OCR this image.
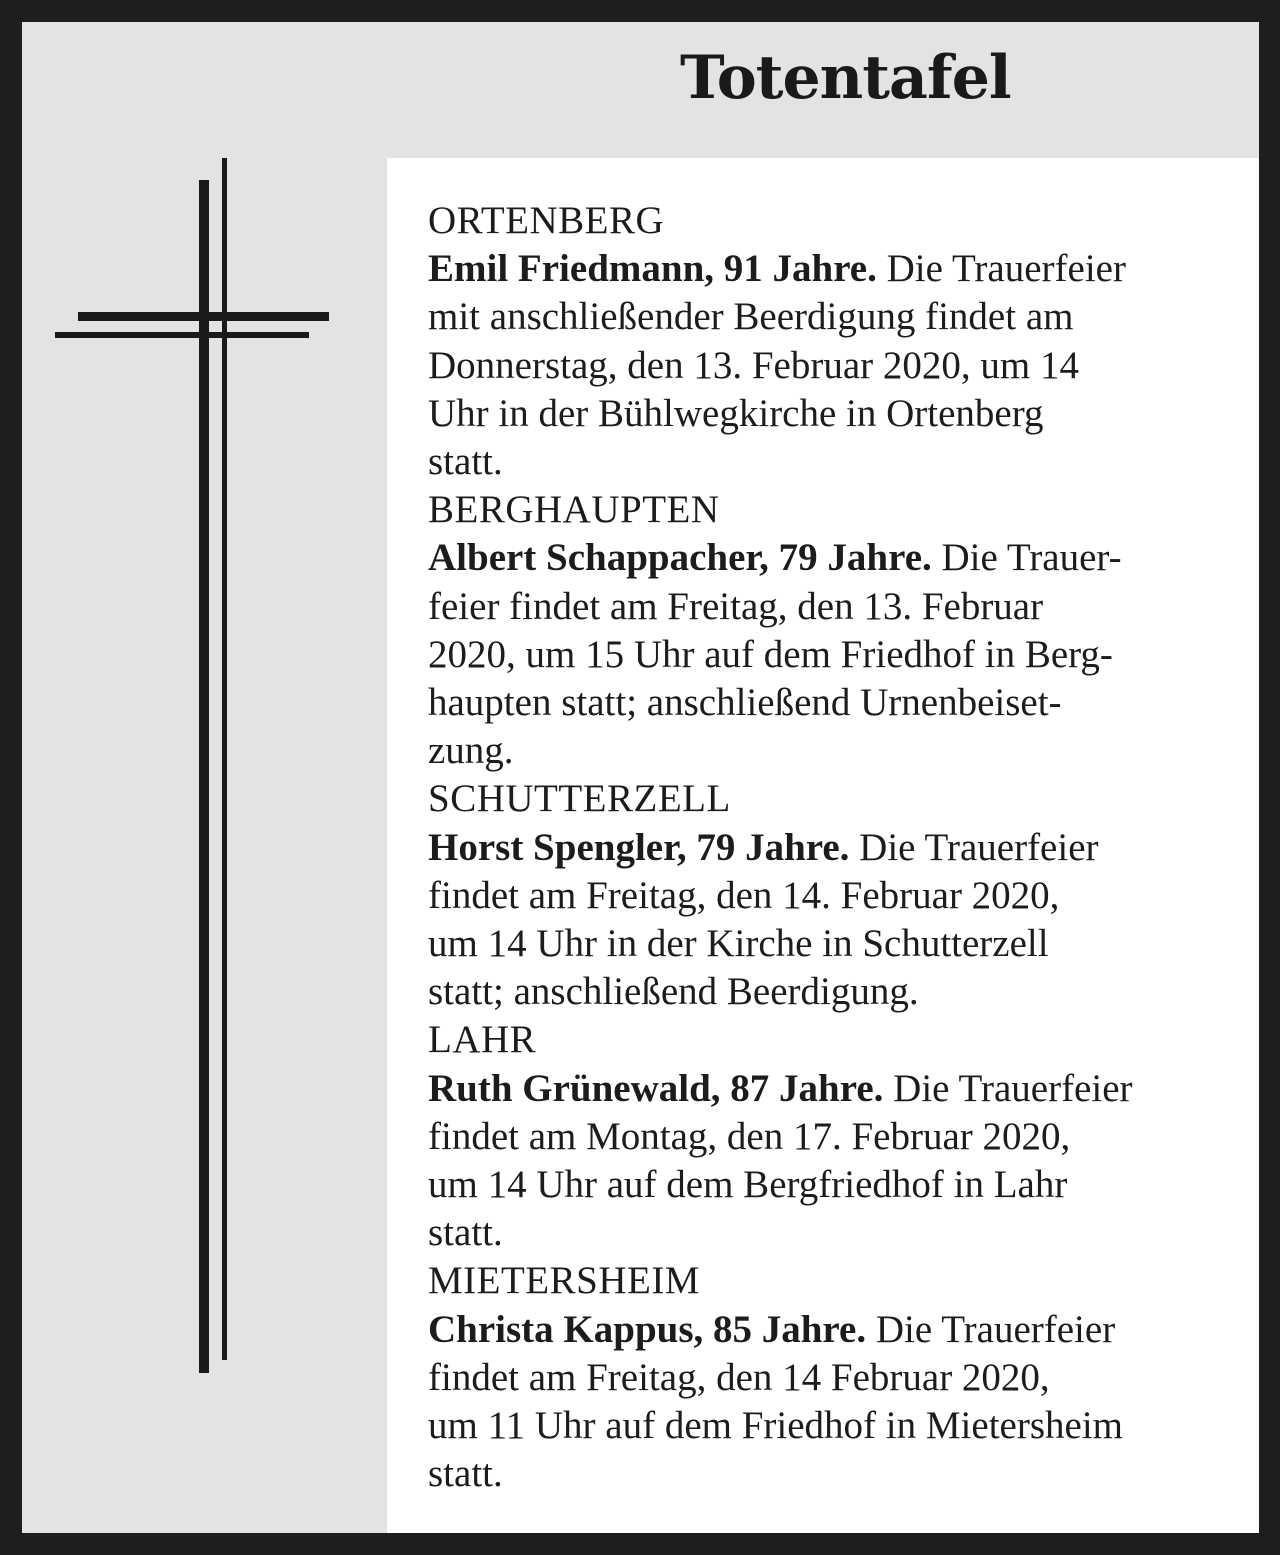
Totentafel
ORTENBERG
Emil Friedmann, 91 Jahre. Die Trauerfeier
mit anschließender Beerdigung findet am
Donnerstag, den 13. Februar 2020, um 14
Uhr in der Bühlwegkirche in Ortenberg
statt.
BERGHAUPTEN
Albert Schappacher, 79 Jahre. Die Trauer-
feier findet am Freitag, den 13. Februar
2020, um 15 Uhr auf dem Friedhof in Berg-
haupten statt; anschließend Urnenbeiset-
zung.
SCHUTTERZELL
Horst Spengler, 79 Jahre. Die Trauerfeier
findet am Freitag, den 14. Februar 2020,
um 14 Uhr in der Kirche in Schutterzell
statt; anschließend Beerdigung.
LAHR
Ruth Grünewald, 87 Jahre. Die Trauerfeier
findet am Montag, den 17. Februar 2020,
um 14 Uhr auf dem Bergfriedhof in Lahr
statt.
MIETERSHEIM
Christa Kappus, 85 Jahre. Die Trauerfeier
findet am Freitag, den 14 Februar 2020,
um 11 Uhr auf dem Friedhof in Mietersheim
statt.
